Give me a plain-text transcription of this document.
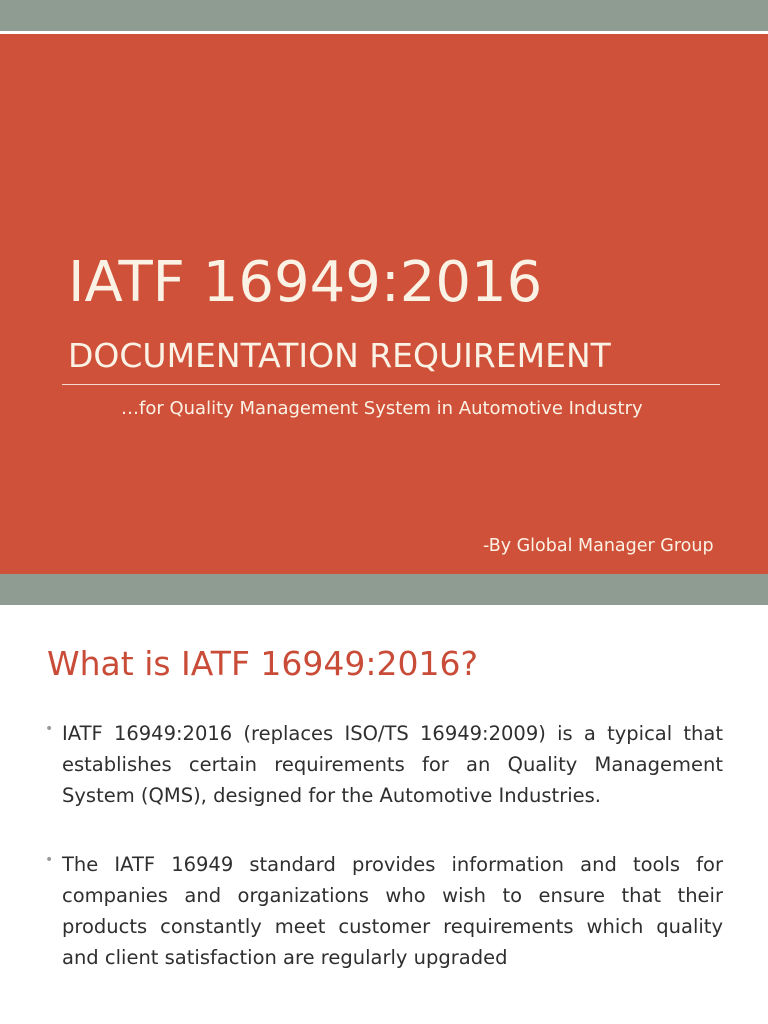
IATF 16949:2016
DOCUMENTATION REQUIREMENT
…for Quality Management System in Automotive Industry
-By Global Manager Group
What is IATF 16949:2016?
• IATF 16949:2016 (replaces ISO/TS 16949:2009) is a typical that establishes certain requirements for an Quality Management System (QMS), designed for the Automotive Industries.
• The IATF 16949 standard provides information and tools for companies and organizations who wish to ensure that their products constantly meet customer requirements which quality and client satisfaction are regularly upgraded
